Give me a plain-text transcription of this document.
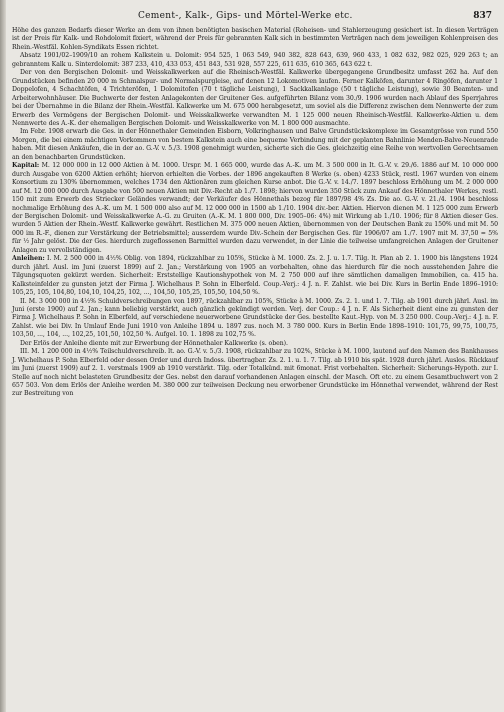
Cement-, Kalk-, Gips- und Mörtel-Werke etc.	837

Höhe des ganzen Bedarfs dieser Werke an dem von ihnen benötigten basischen Material (Roheisen- und Stahlerzeugung gesichert ist. In diesen Verträgen ist der Preis für Kalk- und Rohdolomit fixiert, während der Preis für gebrannten Kalk sich in bestimmten Verträgen nach dem jeweiligen Kohlenpreisen des Rhein.-Westfäl. Kohlen-Syndikats Essen richtet.

Absatz 1901/02–1909/10 an rohem Kalkstein u. Dolomit: 954 525, 1 063 549, 940 382, 828 643, 639, 960 433, 1 082 632, 982 025, 929 263 t; an gebranntem Kalk u. Sinterdolomit: 387 233, 410, 433 053, 451 843, 531 928, 557 225, 611 635, 610 365, 643 622 t.

Der von den Bergischen Dolomit- und Weisskalkwerken auf die Rheinisch-Westfäl. Kalkwerke übergegangene Grundbesitz umfasst 262 ha. Auf den Grundstücken befinden 20 000 m Schmalspur- und Normalspurgleise, auf denen 12 Lokomotiven laufen. Ferner Kalköfen, darunter 4 Ringöfen, darunter 1 Doppelofen, 4 Schachtöfen, 4 Trichteröfen, 1 Dolomitofen (70 t tägliche Leistung), 1 Sackkalkanlage (50 t tägliche Leistung), sowie 30 Beamten- und Arbeiterwohnhäuser. Die Buchwerte der festen Anlagekonten der Gruitener Ges. aufgeführten Bilanz vom 30./9. 1906 wurden nach Ablauf des Sperrjahres bei der Übernahme in die Bilanz der Rhein.-Westfäl. Kalkwerke um M. 675 000 herabgesetzt, um soviel als die Differenz zwischen dem Nennwerte der zum Erwerb des Vermögens der Bergischen Dolomit- und Weisskalkwerke verwandten M. 1 125 000 neuen Rheinisch-Westfäl. Kalkwerke-Aktien u. dem Nennwerte des A.-K. der ehemaligen Bergischen Dolomit- und Weisskalkwerke von M. 1 800 000 ausmachte.

Im Febr. 1908 erwarb die Ges. in der Hönnethaler Gemeinden Eisborn, Volkringhausen und Balve Grundstückskomplexe im Gesamtgrösse von rund 550 Morgen, die bei einem mächtigen Vorkommen von bestem Kalkstein auch eine bequeme Verbindung mit der geplanten Bahnlinie Menden-Balve-Neuenrade haben. Mit diesen Ankäufen, die in der ao. G.-V. v. 5./3. 1908 genehmigt wurden, sicherte sich die Ges. gleichzeitig eine Reihe von wertvollen Gerechtsamen an den benachbarten Grundstücken.

Kapital: M. 12 000 000 in 12 000 Aktien à M. 1000. Urspr. M. 1 665 000, wurde das A.-K. um M. 3 500 000 in It. G.-V. v. 29./6. 1886 auf M. 10 000 000 durch Ausgabe von 6200 Aktien erhöht; hiervon erhielten die Vorbes. der 1896 angekauften 8 Werke (s. oben) 4233 Stück, restl. 1967 wurden von einem Konsortium zu 130% übernommen, welches 1734 den Aktionären zum gleichen Kurse anbot. Die G.-V. v. 14./7. 1897 beschloss Erhöhung um M. 2 000 000 auf M. 12 000 000 durch Ausgabe von 500 neuen Aktien mit Div.-Recht ab 1./7. 1898; hiervon wurden 350 Stück zum Ankauf des Hönnethaler Werkes, restl. 150 mit zum Erwerb des Striecker Geländes verwandt; der Verkäufer des Hönnethals bezog für 1897/98 4% Zs. Die ao. G.-V. v. 21./4. 1904 beschloss nochmalige Erhöhung des A.-K. um M. 1 500 000 also auf M. 12 000 000 in 1500 ab 1./10. 1904 div.-ber. Aktien. Hiervon dienen M. 1 125 000 zum Erwerb der Bergischen Dolomit- und Weisskalkwerke A.-G. zu Gruiten (A.-K. M. 1 800 000, Div. 1905–06: 4%) mit Wirkung ab 1./10. 1906; für 8 Aktien dieser Ges. wurden 5 Aktien der Rhein.-Westf. Kalkwerke gewährt. Restlichen M. 375 000 neuen Aktien, übernommen von der Deutschen Bank zu 150% und mit M. 50 000 im R.-F., dienen zur Verstärkung der Betriebsmittel; ausserdem wurde Div.-Schein der Bergischen Ges. für 1906/07 am 1./7. 1907 mit M. 37,50 = 5% für ½ Jahr gelöst. Die der Ges. hierdurch zugeflossenen Barmittel wurden dazu verwendet, in der Linie die teilweise umfangreichen Anlagen der Gruitener Anlagen zu vervollständigen.

Anleihen: I. M. 2 500 000 in 4½% Oblig. von 1894, rückzahlbar zu 105%, Stücke à M. 1000. Zs. 2. J. u. 1.7. Tilg. lt. Plan ab 2. 1. 1900 bis längstens 1924 durch jährl. Ausl. im Juni (zuerst 1899) auf 2. Jan.; Verstärkung von 1905 an vorbehalten, ohne das hierdurch für die noch ausstehenden Jahre die Tilgungsquoten gekürzt werden. Sicherheit: Erststellige Kautionshypothek von M. 2 750 000 auf ihre sämtlichen damaligen Immobilien, ca. 415 ha. Kalksteinfelder zu gunsten jetzt der Firma J. Wichelhaus P. Sohn in Elberfeld. Coup.-Verj.: 4 J. n. F. Zahlst. wie bei Div. Kurs in Berlin Ende 1896–1910: 105,25, 105, 104,80, 104,10, 104,25, 102, ..., 104,50, 105,25, 105,50, 104,50 %.

II. M. 3 000 000 in 4½% Schuldverschreibungen von 1897, rückzahlbar zu 105%, Stücke à M. 1000. Zs. 2. 1. und 1. 7. Tilg. ab 1901 durch jährl. Ausl. im Juni (erste 1900) auf 2. Jan.; kann beliebig verstärkt, auch gänzlich gekündigt werden. Verj. der Coup.: 4 J. n. F. Als Sicherheit dient eine zu gunsten der Firma J. Wichelhaus P. Sohn in Elberfeld, auf verschiedene neuerworbene Grundstücke der Ges. bestellte Kaut.-Hyp. von M. 3 250 000. Coup.-Verj.: 4 J. n. F. Zahlst. wie bei Div. In Umlauf Ende Juni 1910 von Anleihe 1894 u. 1897 zus. noch M. 3 780 000. Kurs in Berlin Ende 1898–1910: 101,75, 99,75, 100,75, 103,50, ..., 104, ..., 102,25, 101,50, 102,50 %. Aufgel. 10. 1. 1898 zu 102,75 %.

Der Erlös der Anleihe diente mit zur Erwerbung der Hönnethaler Kalkwerke (s. oben).

III. M. 1 200 000 in 4½% Teilschuldverschreib. lt. ao. G.-V. v. 5./3. 1908, rückzahlbar zu 102%, Stücke à M. 1000, lautend auf den Namen des Bankhauses J. Wichelhaus P. Sohn Elberfeld oder dessen Order und durch Indoss. übertragbar. Zs. 2. 1. u. 1. 7. Tilg. ab 1910 bis spät. 1928 durch jährl. Auslos. Rückkauf im Juni (zuerst 1909) auf 2. 1. verstmals 1909 ab 1910 verstärkt. Tilg. oder Totalkünd. mit 6monat. Frist vorbehalten. Sicherheit: Sicherungs-Hypoth. zur I. Stelle auf noch nicht belasteten Grundbesitz der Ges. nebst den darauf vorhandenen Anlagen einschl. der Masch. Oft etc. zu einem Gesamtbuchwert von 2 657 503. Von dem Erlös der Anleihe werden M. 380 000 zur teilweisen Deckung neu erworbener Grundstücke im Hönnethal verwendet, während der Rest zur Bestreitung von
